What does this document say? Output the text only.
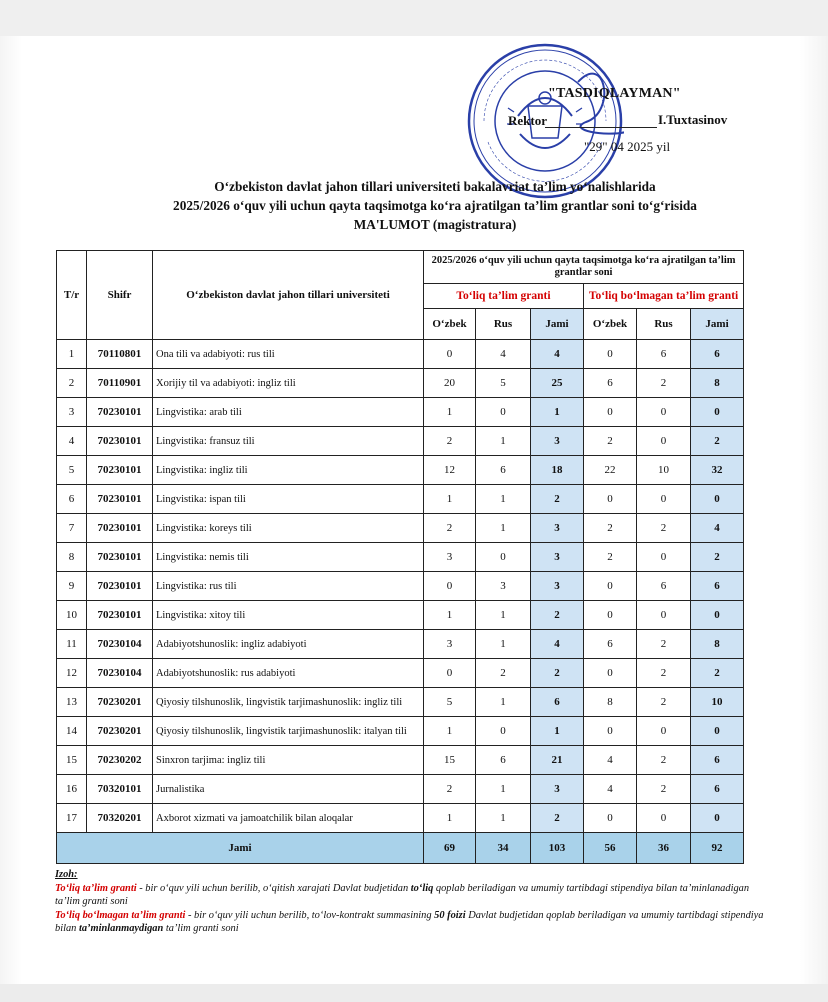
"TASDIQLAYMAN"
Rektor	I.Tuxtasinov
"29" 04 2025 yil
O‘zbekiston davlat jahon tillari universiteti bakalavriat ta’lim yo‘nalishlarida
2025/2026 o‘quv yili uchun qayta taqsimotga ko‘ra ajratilgan ta’lim grantlar soni to‘g‘risida
MA'LUMOT (magistratura)
T/r	Shifr	O‘zbekiston davlat jahon tillari universiteti	2025/2026 o‘quv yili uchun qayta taqsimotga ko‘ra ajratilgan ta’lim grantlar soni					
			To‘liq ta’lim granti			To‘liq bo‘lmagan ta’lim granti		
			O‘zbek	Rus	Jami	O‘zbek	Rus	Jami
1	70110801	Ona tili va adabiyoti: rus tili	0	4	4	0	6	6
2	70110901	Xorijiy til va adabiyoti: ingliz tili	20	5	25	6	2	8
3	70230101	Lingvistika: arab tili	1	0	1	0	0	0
4	70230101	Lingvistika: fransuz tili	2	1	3	2	0	2
5	70230101	Lingvistika: ingliz tili	12	6	18	22	10	32
6	70230101	Lingvistika: ispan tili	1	1	2	0	0	0
7	70230101	Lingvistika: koreys tili	2	1	3	2	2	4
8	70230101	Lingvistika: nemis tili	3	0	3	2	0	2
9	70230101	Lingvistika: rus tili	0	3	3	0	6	6
10	70230101	Lingvistika: xitoy tili	1	1	2	0	0	0
11	70230104	Adabiyotshunoslik: ingliz adabiyoti	3	1	4	6	2	8
12	70230104	Adabiyotshunoslik: rus adabiyoti	0	2	2	0	2	2
13	70230201	Qiyosiy tilshunoslik, lingvistik tarjimashunoslik: ingliz tili	5	1	6	8	2	10
14	70230201	Qiyosiy tilshunoslik, lingvistik tarjimashunoslik: italyan tili	1	0	1	0	0	0
15	70230202	Sinxron tarjima: ingliz tili	15	6	21	4	2	6
16	70320101	Jurnalistika	2	1	3	4	2	6
17	70320201	Axborot xizmati va jamoatchilik bilan aloqalar	1	1	2	0	0	0
Jami			69	34	103	56	36	92
Izoh:
To‘liq ta’lim granti - bir o‘quv yili uchun berilib, o‘qitish xarajati Davlat budjetidan to‘liq qoplab beriladigan va umumiy tartibdagi stipendiya bilan ta’minlanadigan ta’lim granti soni
To‘liq bo‘lmagan ta’lim granti - bir o‘quv yili uchun berilib, to‘lov-kontrakt summasining 50 foizi Davlat budjetidan qoplab beriladigan va umumiy tartibdagi stipendiya bilan ta’minlanmaydigan ta’lim granti soni
